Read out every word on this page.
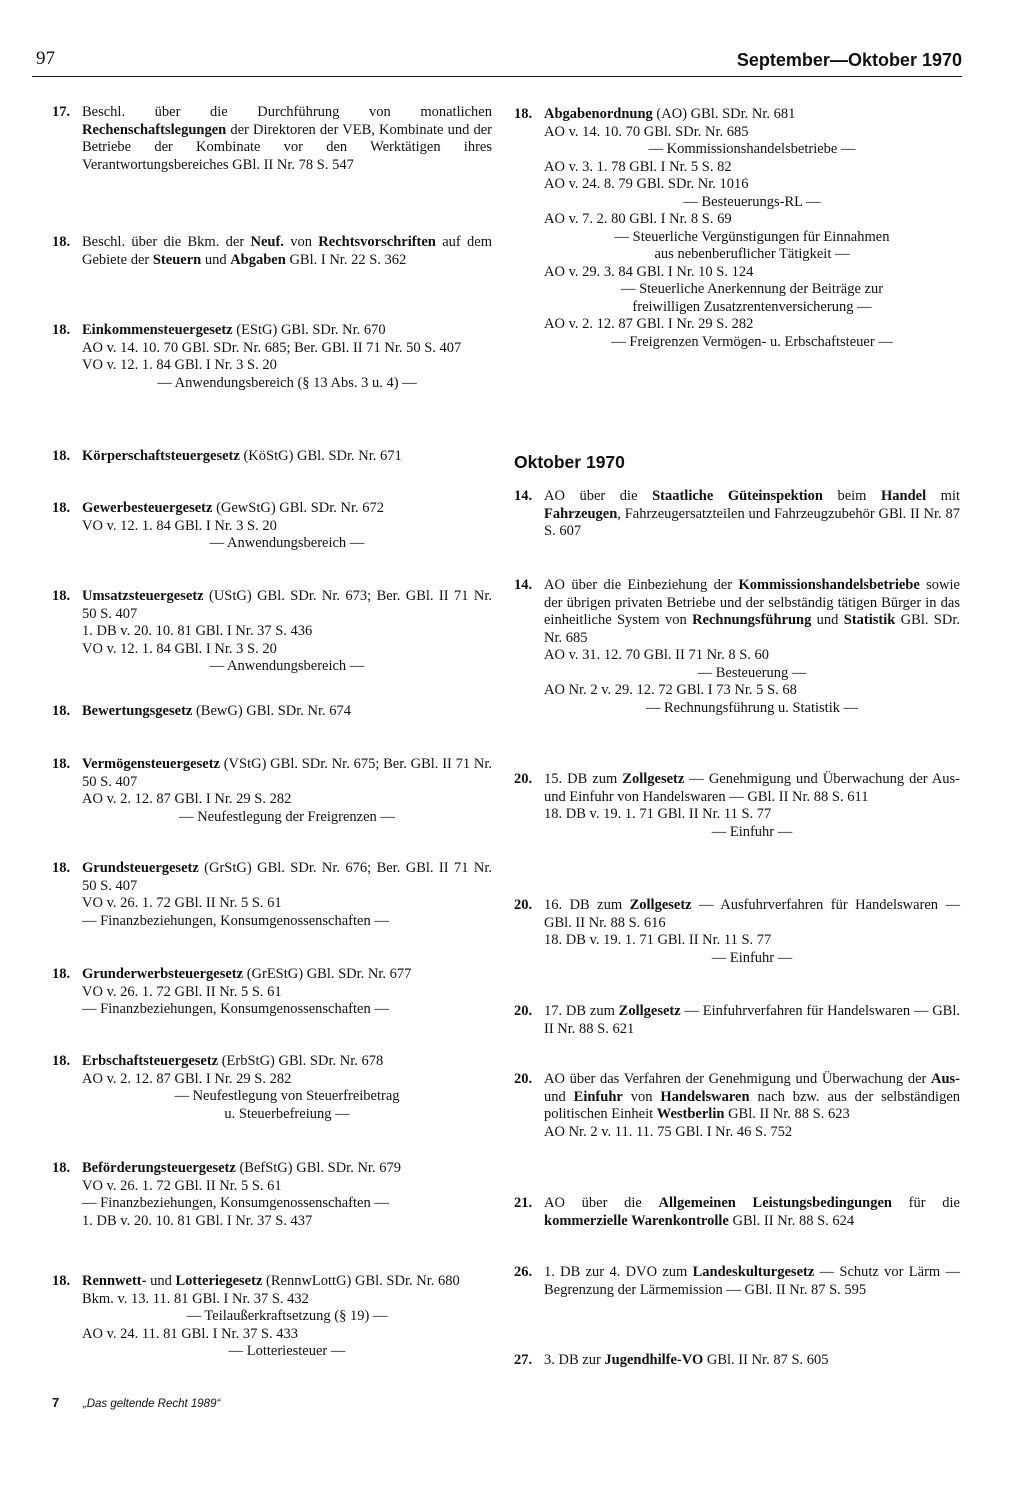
97	September—Oktober 1970
17. Beschl. über die Durchführung von monatlichen Rechenschaftslegungen der Direktoren der VEB, Kombinate und der Betriebe der Kombinate vor den Werktätigen ihres Verantwortungsbereiches GBl. II Nr. 78 S. 547

18. Beschl. über die Bkm. der Neuf. von Rechtsvorschriften auf dem Gebiete der Steuern und Abgaben GBl. I Nr. 22 S. 362

18. Einkommensteuergesetz (EStG) GBl. SDr. Nr. 670

AO v. 14. 10. 70 GBl. SDr. Nr. 685; Ber. GBl. II 71 Nr. 50 S. 407

VO v. 12. 1. 84 GBl. I Nr. 3 S. 20

— Anwendungsbereich (§ 13 Abs. 3 u. 4) —

18. Körperschaftsteuergesetz (KöStG) GBl. SDr. Nr. 671

18. Gewerbesteuergesetz (GewStG) GBl. SDr. Nr. 672

VO v. 12. 1. 84 GBl. I Nr. 3 S. 20

— Anwendungsbereich —

18. Umsatzsteuergesetz (UStG) GBl. SDr. Nr. 673; Ber. GBl. II 71 Nr. 50 S. 407

1. DB v. 20. 10. 81 GBl. I Nr. 37 S. 436

VO v. 12. 1. 84 GBl. I Nr. 3 S. 20

— Anwendungsbereich —

18. Bewertungsgesetz (BewG) GBl. SDr. Nr. 674

18. Vermögensteuergesetz (VStG) GBl. SDr. Nr. 675; Ber. GBl. II 71 Nr. 50 S. 407

AO v. 2. 12. 87 GBl. I Nr. 29 S. 282

— Neufestlegung der Freigrenzen —

18. Grundsteuergesetz (GrStG) GBl. SDr. Nr. 676; Ber. GBl. II 71 Nr. 50 S. 407

VO v. 26. 1. 72 GBl. II Nr. 5 S. 61

— Finanzbeziehungen, Konsumgenossenschaften —

18. Grunderwerbsteuergesetz (GrEStG) GBl. SDr. Nr. 677

VO v. 26. 1. 72 GBl. II Nr. 5 S. 61

— Finanzbeziehungen, Konsumgenossenschaften —

18. Erbschaftsteuergesetz (ErbStG) GBl. SDr. Nr. 678

AO v. 2. 12. 87 GBl. I Nr. 29 S. 282

— Neufestlegung von Steuerfreibetrag

u. Steuerbefreiung —

18. Beförderungsteuergesetz (BefStG) GBl. SDr. Nr. 679

VO v. 26. 1. 72 GBl. II Nr. 5 S. 61

— Finanzbeziehungen, Konsumgenossenschaften —

1. DB v. 20. 10. 81 GBl. I Nr. 37 S. 437

18. Rennwett- und Lotteriegesetz (RennwLottG) GBl. SDr. Nr. 680

Bkm. v. 13. 11. 81 GBl. I Nr. 37 S. 432

— Teilaußerkraftsetzung (§ 19) —

AO v. 24. 11. 81 GBl. I Nr. 37 S. 433

— Lotteriesteuer —

18. Abgabenordnung (AO) GBl. SDr. Nr. 681

AO v. 14. 10. 70 GBl. SDr. Nr. 685

— Kommissionshandelsbetriebe —

AO v. 3. 1. 78 GBl. I Nr. 5 S. 82

AO v. 24. 8. 79 GBl. SDr. Nr. 1016

— Besteuerungs-RL —

AO v. 7. 2. 80 GBl. I Nr. 8 S. 69

— Steuerliche Vergünstigungen für Einnahmen

aus nebenberuflicher Tätigkeit —

AO v. 29. 3. 84 GBl. I Nr. 10 S. 124

— Steuerliche Anerkennung der Beiträge zur

freiwilligen Zusatzrentenversicherung —

AO v. 2. 12. 87 GBl. I Nr. 29 S. 282

— Freigrenzen Vermögen- u. Erbschaftsteuer —

Oktober 1970
14. AO über die Staatliche Güteinspektion beim Handel mit Fahrzeugen, Fahrzeugersatzteilen und Fahrzeugzubehör GBl. II Nr. 87 S. 607

14. AO über die Einbeziehung der Kommissionshandelsbetriebe sowie der übrigen privaten Betriebe und der selbständig tätigen Bürger in das einheitliche System von Rechnungsführung und Statistik GBl. SDr. Nr. 685

AO v. 31. 12. 70 GBl. II 71 Nr. 8 S. 60

— Besteuerung —

AO Nr. 2 v. 29. 12. 72 GBl. I 73 Nr. 5 S. 68

— Rechnungsführung u. Statistik —

20. 15. DB zum Zollgesetz — Genehmigung und Überwachung der Aus- und Einfuhr von Handelswaren — GBl. II Nr. 88 S. 611

18. DB v. 19. 1. 71 GBl. II Nr. 11 S. 77

— Einfuhr —

20. 16. DB zum Zollgesetz — Ausfuhrverfahren für Handelswaren — GBl. II Nr. 88 S. 616

18. DB v. 19. 1. 71 GBl. II Nr. 11 S. 77

— Einfuhr —

20. 17. DB zum Zollgesetz — Einfuhrverfahren für Handelswaren — GBl. II Nr. 88 S. 621

20. AO über das Verfahren der Genehmigung und Überwachung der Aus- und Einfuhr von Handelswaren nach bzw. aus der selbständigen politischen Einheit Westberlin GBl. II Nr. 88 S. 623

AO Nr. 2 v. 11. 11. 75 GBl. I Nr. 46 S. 752

21. AO über die Allgemeinen Leistungsbedingungen für die kommerzielle Warenkontrolle GBl. II Nr. 88 S. 624

26. 1. DB zur 4. DVO zum Landeskulturgesetz — Schutz vor Lärm — Begrenzung der Lärmemission — GBl. II Nr. 87 S. 595

27. 3. DB zur Jugendhilfe-VO GBl. II Nr. 87 S. 605

7 „Das geltende Recht 1989“
